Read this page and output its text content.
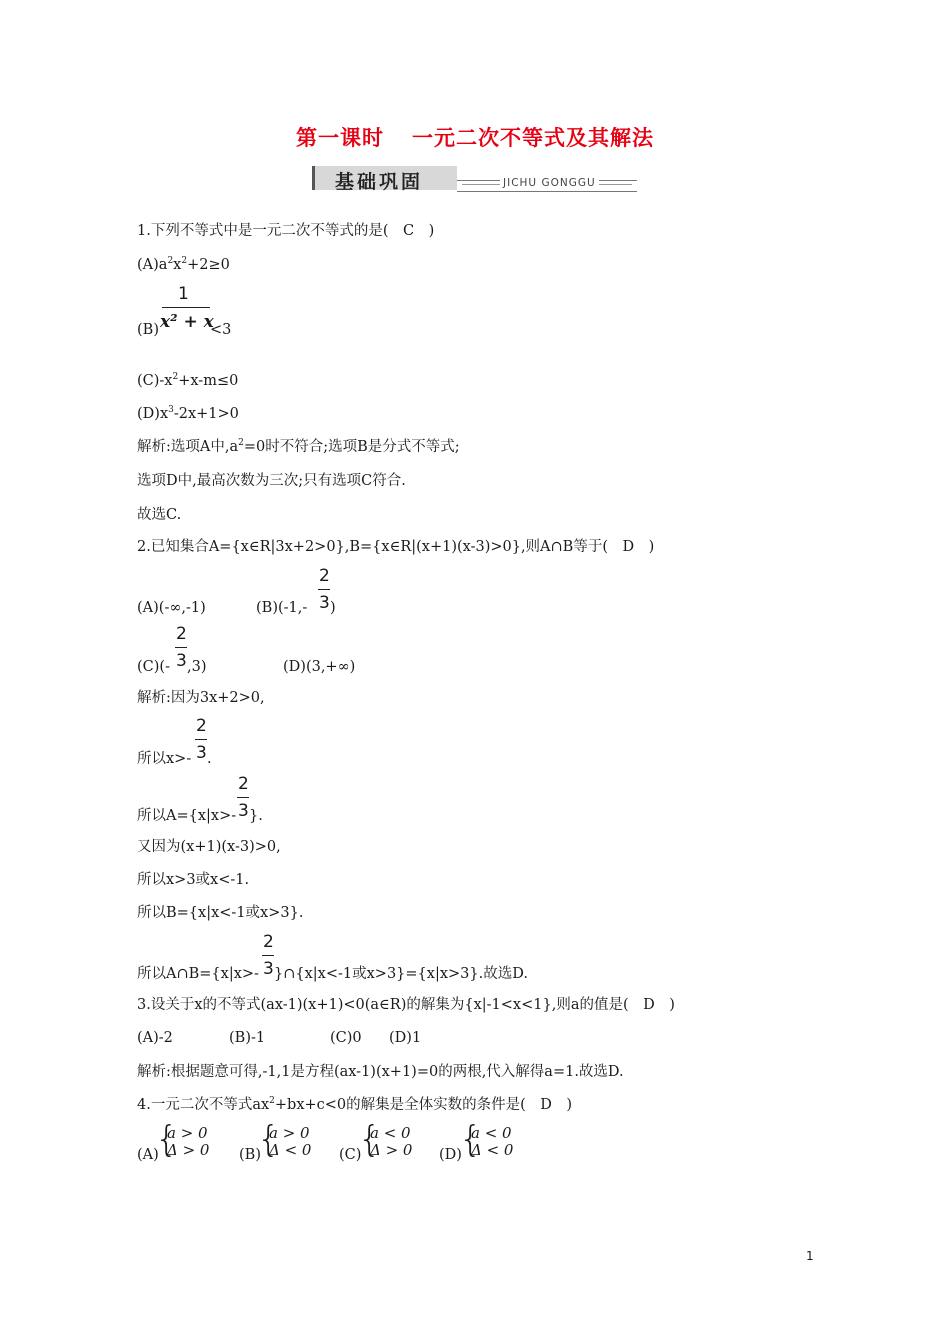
第一课时 一元二次不等式及其解法
基础巩固	JICHU GONGGU
1.下列不等式中是一元二次不等式的是(　C　)
$(A)a^2x^2+2\ge 0$
1
x² + x
(B)	<3
$(C)-x^2+x-m\le 0$
$(D)x^3-2x+1>0$
解析:选项A中$,a^2=0$时不符合;选项B是分式不等式;
选项D中,最高次数为三次;只有选项C符合.
故选C.
2.已知集合A={x∈R|3x+2>0},B={x∈R|(x+1)(x-3)>0},则A∩B等于(　D　)
2
3
(A)(-∞,-1)	(B)(-1,- )
2
3
(C)(- ,3)	(D)(3,+∞)
解析:因为3x+2>0,
2
3
所以x>- .
2
3
所以A={x|x>- }.
又因为(x+1)(x-3)>0,
所以x>3或x<-1.
所以B={x|x<-1或x>3}.
2
3
所以A∩B={x|x>- }∩{x|x<-1或x>3}={x|x>3}.故选D.
3.设关于x的不等式(ax-1)(x+1)<0(a∈R)的解集为{x|-1<x<1},则a的值是(　D　)
(A)-2	(B)-1	(C)0 (D)1
解析:根据题意可得,-1,1是方程(ax-1)(x+1)=0的两根,代入解得a=1.故选D.
4.一元二次不等式$ax^2+bx+c<0$的解集是全体实数的条件是(　D　)
(A)
{
a > 0
Δ > 0 (B)
{
a > 0
Δ < 0 (C)
{
a < 0
Δ > 0 (D)
{
a < 0
Δ < 0
1
